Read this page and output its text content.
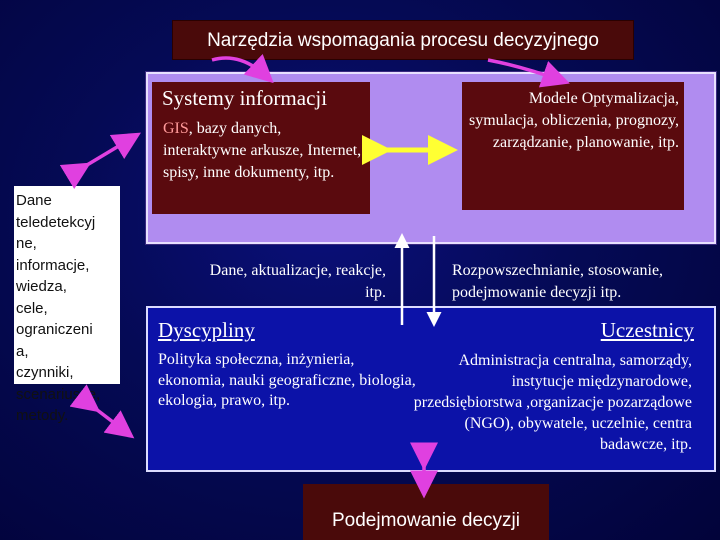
Narzędzia wspomagania procesu decyzyjnego
Systemy informacji
GIS, bazy danych, interaktywne arkusze, Internet, spisy, inne dokumenty, itp.
Modele Optymalizacja, symulacja, obliczenia, prognozy, zarządzanie, planowanie, itp.
Dane
teledetekcyj
ne,
informacje,
wiedza,
cele,
ograniczeni
a,
czynniki,
scenariusze,
metody.
Dane, aktualizacje, reakcje, itp.
Rozpowszechnianie, stosowanie,
podejmowanie decyzji itp.
Dyscypliny
Polityka społeczna, inżynieria, ekonomia, nauki geograficzne, biologia, ekologia, prawo, itp.
Uczestnicy
Administracja centralna, samorządy, instytucje międzynarodowe, przedsiębiorstwa ,organizacje pozarządowe (NGO), obywatele, uczelnie, centra badawcze, itp.
Podejmowanie decyzji
